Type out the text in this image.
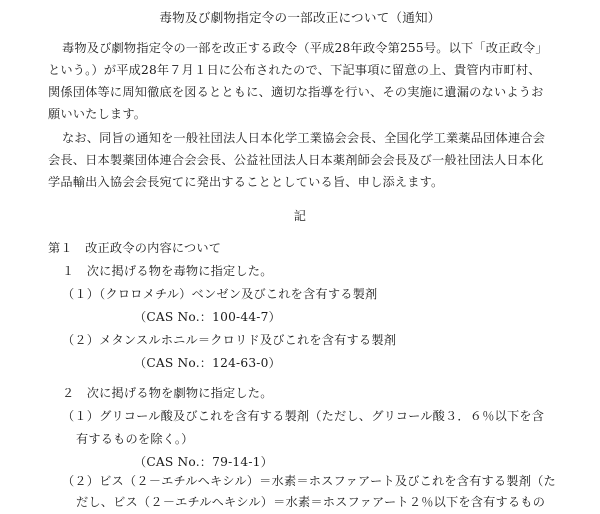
毒物及び劇物指定令の一部改正について（通知）
毒物及び劇物指定令の一部を改正する政令（平成28年政令第255号。以下「改正政令」
という。）が平成28年７月１日に公布されたので、下記事項に留意の上、貴管内市町村、
関係団体等に周知徹底を図るとともに、適切な指導を行い、その実施に遺漏のないようお
願いいたします。
なお、同旨の通知を一般社団法人日本化学工業協会会長、全国化学工業薬品団体連合会
会長、日本製薬団体連合会会長、公益社団法人日本薬剤師会会長及び一般社団法人日本化
学品輸出入協会会長宛てに発出することとしている旨、申し添えます。
記
第１　改正政令の内容について
１　次に掲げる物を毒物に指定した。
（１）（クロロメチル）ベンゼン及びこれを含有する製剤
（CAS No.：100-44-7）
（２）メタンスルホニル＝クロリド及びこれを含有する製剤
（CAS No.：124-63-0）
２　次に掲げる物を劇物に指定した。
（１）グリコール酸及びこれを含有する製剤（ただし、グリコール酸３．６％以下を含
有するものを除く。）
（CAS No.：79-14-1）
（２）ビス（２－エチルヘキシル）＝水素＝ホスファアート及びこれを含有する製剤（た
だし、ビス（２－エチルヘキシル）＝水素＝ホスファアート２％以下を含有するもの
